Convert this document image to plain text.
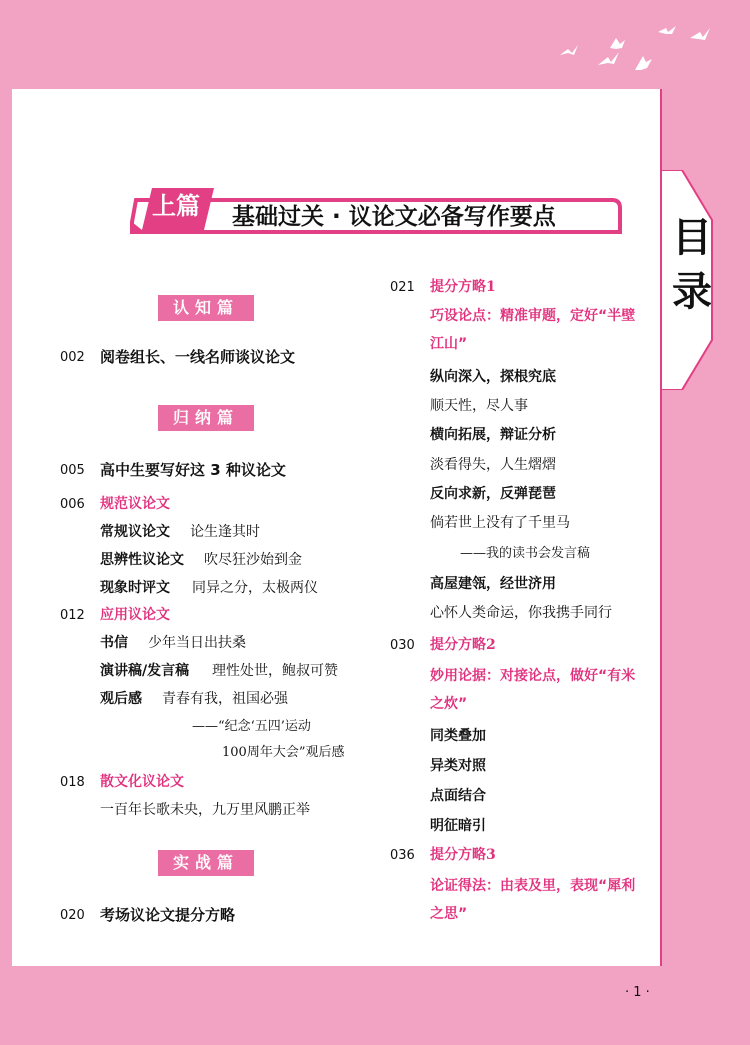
目
录
上篇 基础过关 · 议论文必备写作要点
认知篇
归纳篇
实战篇
002 阅卷组长、一线名师谈议论文
005 高中生要写好这 3 种议论文
006 规范议论文
常规议论文 论生逢其时
思辨性议论文 吹尽狂沙始到金
现象时评文 同异之分，太极两仪
012 应用议论文
书信 少年当日出扶桑
演讲稿/发言稿 理性处世，鲍叔可赞
观后感 青春有我，祖国必强
——“纪念‘五四’运动
100周年大会”观后感
018 散文化议论文
一百年长歌未央，九万里风鹏正举
020 考场议论文提分方略
021 提分方略1
巧设论点：精准审题，定好“半壁
江山”
纵向深入，探根究底
顺天性，尽人事
横向拓展，辩证分析
淡看得失，人生熠熠
反向求新，反弹琵琶
倘若世上没有了千里马
——我的读书会发言稿
高屋建瓴，经世济用
心怀人类命运，你我携手同行
030 提分方略2
妙用论据：对接论点，做好“有米
之炊”
同类叠加
异类对照
点面结合
明征暗引
036 提分方略3
论证得法：由表及里，表现“犀利
之思”
· 1 ·
